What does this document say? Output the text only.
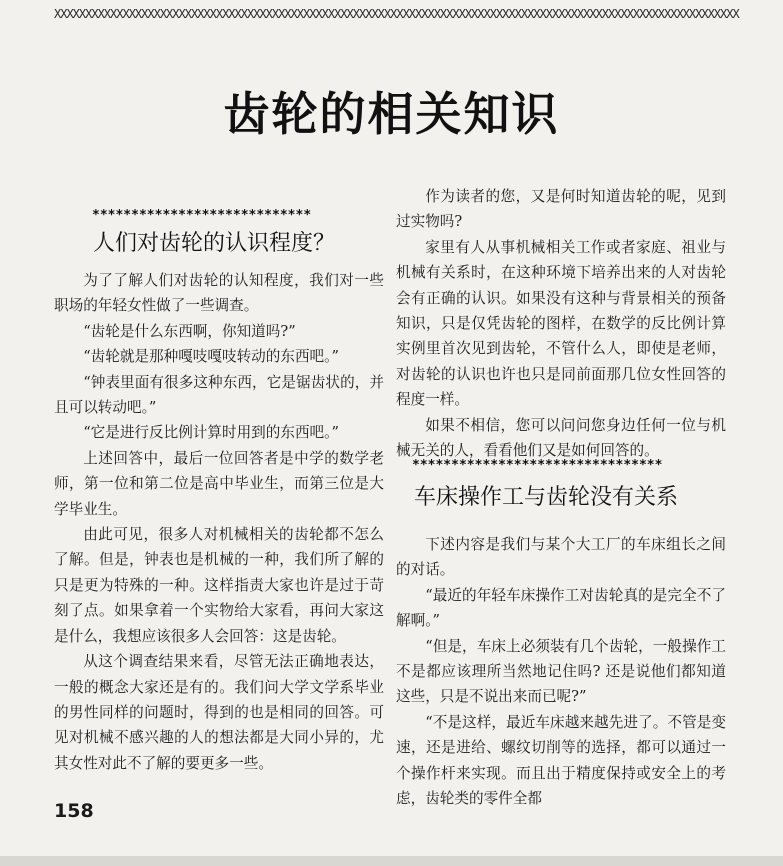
XXXXXXXXXXXXXXXXXXXXXXXXXXXXXXXXXXXXXXXXXXXXXXXXXXXXXXXXXXXXXXXXXXXXXXXXXXXXXXXXXXXXXXXXXXXXXXXXXXXXXXXXXXXXXX
齿轮的相关知识
****************************
人们对齿轮的认识程度？

为了了解人们对齿轮的认知程度，我们对一些职场的年轻女性做了一些调查。

“齿轮是什么东西啊，你知道吗?”

“齿轮就是那种嘎吱嘎吱转动的东西吧。”

“钟表里面有很多这种东西，它是锯齿状的，并且可以转动吧。”

“它是进行反比例计算时用到的东西吧。”

上述回答中，最后一位回答者是中学的数学老师，第一位和第二位是高中毕业生，而第三位是大学毕业生。

由此可见，很多人对机械相关的齿轮都不怎么了解。但是，钟表也是机械的一种，我们所了解的只是更为特殊的一种。这样指责大家也许是过于苛刻了点。如果拿着一个实物给大家看，再问大家这是什么，我想应该很多人会回答：这是齿轮。

从这个调查结果来看，尽管无法正确地表达，一般的概念大家还是有的。我们问大学文学系毕业的男性同样的问题时，得到的也是相同的回答。可见对机械不感兴趣的人的想法都是大同小异的，尤其女性对此不了解的要更多一些。

作为读者的您，又是何时知道齿轮的呢，见到过实物吗?

家里有人从事机械相关工作或者家庭、祖业与机械有关系时，在这种环境下培养出来的人对齿轮会有正确的认识。如果没有这种与背景相关的预备知识，只是仅凭齿轮的图样，在数学的反比例计算实例里首次见到齿轮，不管什么人，即使是老师，对齿轮的认识也许也只是同前面那几位女性回答的程度一样。

如果不相信，您可以问问您身边任何一位与机械无关的人，看看他们又是如何回答的。

********************************
车床操作工与齿轮没有关系

下述内容是我们与某个大工厂的车床组长之间的对话。

“最近的年轻车床操作工对齿轮真的是完全不了解啊。”

“但是，车床上必须装有几个齿轮，一般操作工不是都应该理所当然地记住吗? 还是说他们都知道这些，只是不说出来而已呢?”

“不是这样，最近车床越来越先进了。不管是变速，还是进给、螺纹切削等的选择，都可以通过一个操作杆来实现。而且出于精度保持或安全上的考虑，齿轮类的零件全都

158
